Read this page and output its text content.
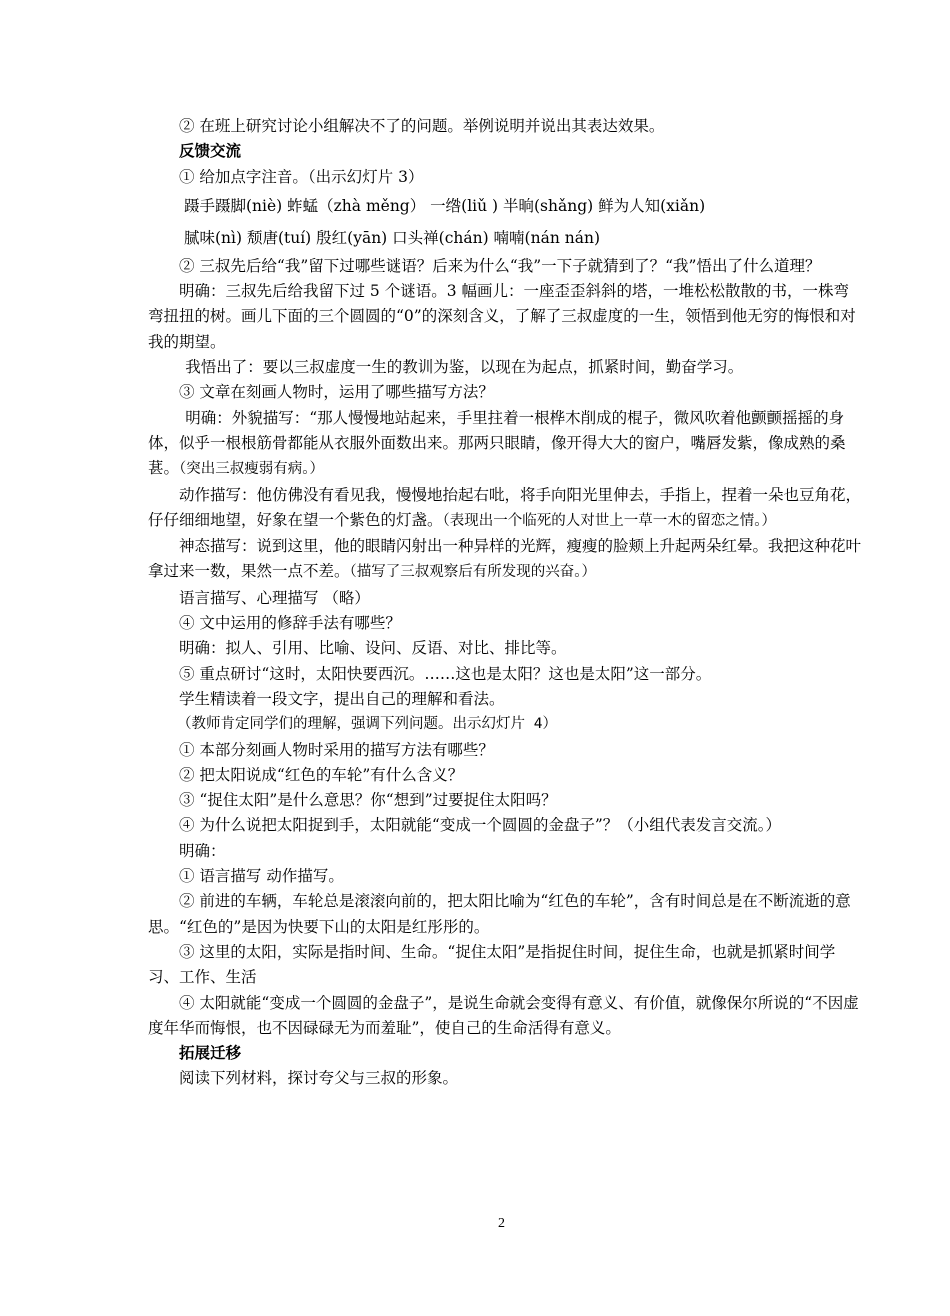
② 在班上研究讨论小组解决不了的问题。举例说明并说出其表达效果。

反馈交流

① 给加点字注音。（出示幻灯片 3）

蹑手蹑脚(niè) 蚱蜢（zhà měng） 一绺(liǔ ) 半晌(shǎng) 鲜为人知(xiǎn)

腻味(nì) 颓唐(tuí) 殷红(yān) 口头禅(chán) 喃喃(nán nán)

② 三叔先后给“我”留下过哪些谜语？后来为什么“我”一下子就猜到了？“我”悟出了什么道理？

明确：三叔先后给我留下过 5 个谜语。3 幅画儿：一座歪歪斜斜的塔，一堆松松散散的书，一株弯弯扭扭的树。画儿下面的三个圆圆的“0”的深刻含义，了解了三叔虚度的一生，领悟到他无穷的悔恨和对我的期望。

我悟出了：要以三叔虚度一生的教训为鉴，以现在为起点，抓紧时间，勤奋学习。

③ 文章在刻画人物时，运用了哪些描写方法？

明确：外貌描写：“那人慢慢地站起来，手里拄着一根桦木削成的棍子，微风吹着他颤颤摇摇的身体，似乎一根根筋骨都能从衣服外面数出来。那两只眼睛，像开得大大的窗户，嘴唇发紫，像成熟的桑葚。（突出三叔瘦弱有病。）

动作描写：他仿佛没有看见我，慢慢地抬起右吡，将手向阳光里伸去，手指上，捏着一朵也豆角花，仔仔细细地望，好象在望一个紫色的灯盏。（表现出一个临死的人对世上一草一木的留恋之情。）

神态描写：说到这里，他的眼睛闪射出一种异样的光辉，瘦瘦的脸颊上升起两朵红晕。我把这种花叶拿过来一数，果然一点不差。（描写了三叔观察后有所发现的兴奋。）

语言描写、心理描写 （略）

④ 文中运用的修辞手法有哪些？

明确：拟人、引用、比喻、设问、反语、对比、排比等。

⑤ 重点研讨“这时，太阳快要西沉。……这也是太阳？这也是太阳”这一部分。

学生精读着一段文字，提出自己的理解和看法。

（教师肯定同学们的理解，强调下列问题。出示幻灯片 4）

① 本部分刻画人物时采用的描写方法有哪些？

② 把太阳说成“红色的车轮”有什么含义？

③ “捉住太阳”是什么意思？你“想到”过要捉住太阳吗？

④ 为什么说把太阳捉到手，太阳就能“变成一个圆圆的金盘子”？（小组代表发言交流。）

明确：

① 语言描写 动作描写。

② 前进的车辆，车轮总是滚滚向前的，把太阳比喻为“红色的车轮”，含有时间总是在不断流逝的意思。“红色的”是因为快要下山的太阳是红彤彤的。

③ 这里的太阳，实际是指时间、生命。“捉住太阳”是指捉住时间，捉住生命，也就是抓紧时间学习、工作、生活

④ 太阳就能“变成一个圆圆的金盘子”，是说生命就会变得有意义、有价值，就像保尔所说的“不因虚度年华而悔恨，也不因碌碌无为而羞耻”，使自己的生命活得有意义。

拓展迁移

阅读下列材料，探讨夸父与三叔的形象。

2
